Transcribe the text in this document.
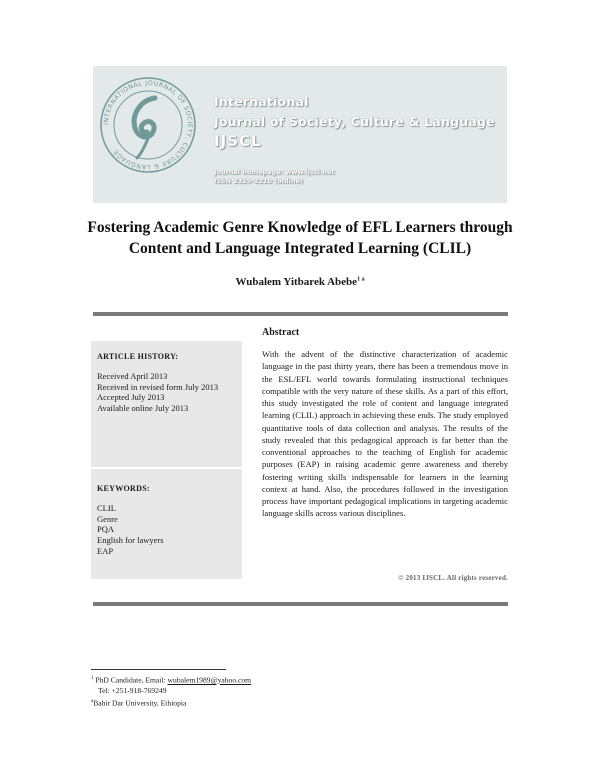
INTERNATIONAL JOURNAL OF SOCIETY, CULTURE & LANGUAGE
International
Journal of Society, Culture & Language
IJSCL
Journal homepage: www.ijscl.net
ISSN 2329-2210 (online)
Fostering Academic Genre Knowledge of EFL Learners through
Content and Language Integrated Learning (CLIL)
Wubalem Yitbarek Abebe$^{1 a}$
ARTICLE HISTORY:
Received April 2013
Received in revised form July 2013
Accepted July 2013
Available online July 2013
KEYWORDS:
CLIL
Genre
PQA
English for lawyers
EAP
Abstract
With the advent of the distinctive characterization of academic language in the past thirty years, there has been a tremendous move in the ESL/EFL world towards formulating instructional techniques compatible with the very nature of these skills. As a part of this effort, this study investigated the role of content and language integrated learning (CLIL) approach in achieving these ends. The study employed quantitative tools of data collection and analysis. The results of the study revealed that this pedagogical approach is far better than the conventional approaches to the teaching of English for academic purposes (EAP) in raising academic genre awareness and thereby fostering writing skills indispensable for learners in the learning context at hand. Also, the procedures followed in the investigation process have important pedagogical implications in targeting academic language skills across various disciplines.
© 2013 IJSCL. All rights reserved.
$^1$ PhD Candidate, Email: wubalem1989@yahoo.com
Tel: +251-918-769249
$^a$Bahir Dar University, Ethiopia
